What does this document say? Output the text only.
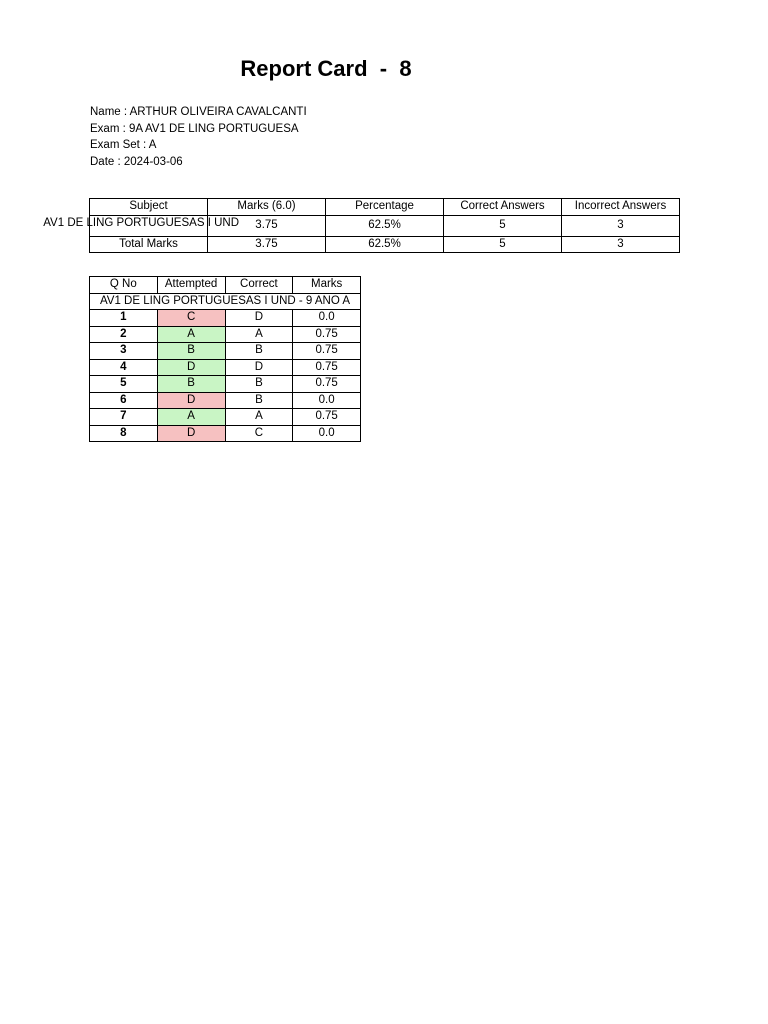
Report Card  -  8
Name : ARTHUR OLIVEIRA CAVALCANTI
Exam : 9A AV1 DE LING PORTUGUESA
Exam Set : A
Date : 2024-03-06
Subject	Marks (6.0)	Percentage	Correct Answers	Incorrect Answers

AV1 DE LING PORTUGUESAS I UND	3.75	62.5%	5	3
Total Marks	3.75	62.5%	5	3
Q No	Attempted	Correct	Marks
AV1 DE LING PORTUGUESAS I UND - 9 ANO A			
1	C	D	0.0
2	A	A	0.75
3	B	B	0.75
4	D	D	0.75
5	B	B	0.75
6	D	B	0.0
7	A	A	0.75
8	D	C	0.0
